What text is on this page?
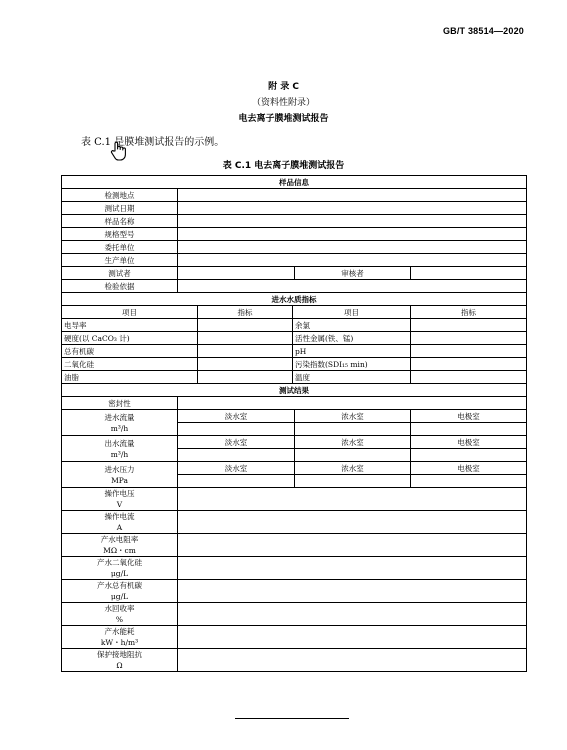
GB/T 38514—2020
附 录 C
（资料性附录）
电去离子膜堆测试报告
表 C.1 是膜堆测试报告的示例。
表 C.1 电去离子膜堆测试报告
样品信息					
检测地点					
测试日期					
样品名称					
规格型号					
委托单位					
生产单位					
测试者				审核者	
检验依据					
进水水质指标					
项目		指标	项目		指标
电导率			余氯		
硬度(以 CaCO₃ 计)			活性金属(铁、锰)		
总有机碳			pH		
二氧化硅			污染指数(SDI₁₅ min)		
油脂			温度		
测试结果					
密封性					
进水流量
m³/h	淡水室			浓水室	电极室

出水流量
m³/h	淡水室			浓水室	电极室

进水压力
MPa	淡水室			浓水室	电极室

操作电压
V					
操作电流
A					
产水电阻率
MΩ・cm					
产水二氧化硅
μg/L					
产水总有机碳
μg/L					
水回收率
%					
产水能耗
kW・h/m³					
保护接地阻抗
Ω					
